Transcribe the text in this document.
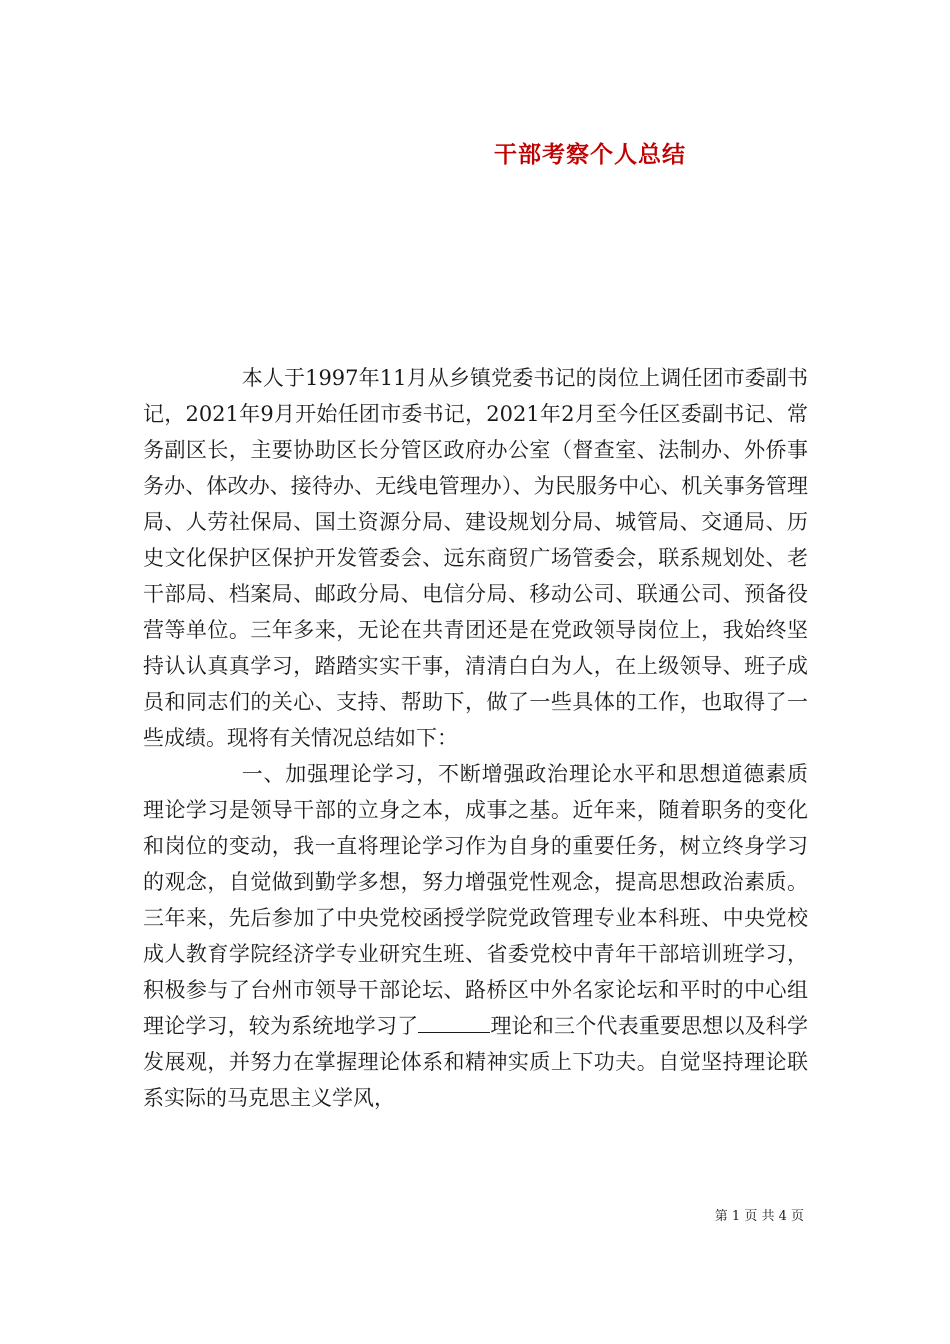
干部考察个人总结

本人于1997年11月从乡镇党委书记的岗位上调任团市委副书记，2021年9月开始任团市委书记，2021年2月至今任区委副书记、常务副区长，主要协助区长分管区政府办公室（督查室、法制办、外侨事务办、体改办、接待办、无线电管理办）、为民服务中心、机关事务管理局、人劳社保局、国土资源分局、建设规划分局、城管局、交通局、历史文化保护区保护开发管委会、远东商贸广场管委会，联系规划处、老干部局、档案局、邮政分局、电信分局、移动公司、联通公司、预备役营等单位。三年多来，无论在共青团还是在党政领导岗位上，我始终坚持认认真真学习，踏踏实实干事，清清白白为人，在上级领导、班子成员和同志们的关心、支持、帮助下，做了一些具体的工作，也取得了一些成绩。现将有关情况总结如下：

一、加强理论学习，不断增强政治理论水平和思想道德素质理论学习是领导干部的立身之本，成事之基。近年来，随着职务的变化和岗位的变动，我一直将理论学习作为自身的重要任务，树立终身学习的观念，自觉做到勤学多想，努力增强党性观念，提高思想政治素质。三年来，先后参加了中央党校函授学院党政管理专业本科班、中央党校成人教育学院经济学专业研究生班、省委党校中青年干部培训班学习，积极参与了台州市领导干部论坛、路桥区中外名家论坛和平时的中心组理论学习，较为系统地学习了	理论和三个代表重要思想以及科学发展观，并努力在掌握理论体系和精神实质上下功夫。自觉坚持理论联系实际的马克思主义学风，

第 1 页 共 4 页
